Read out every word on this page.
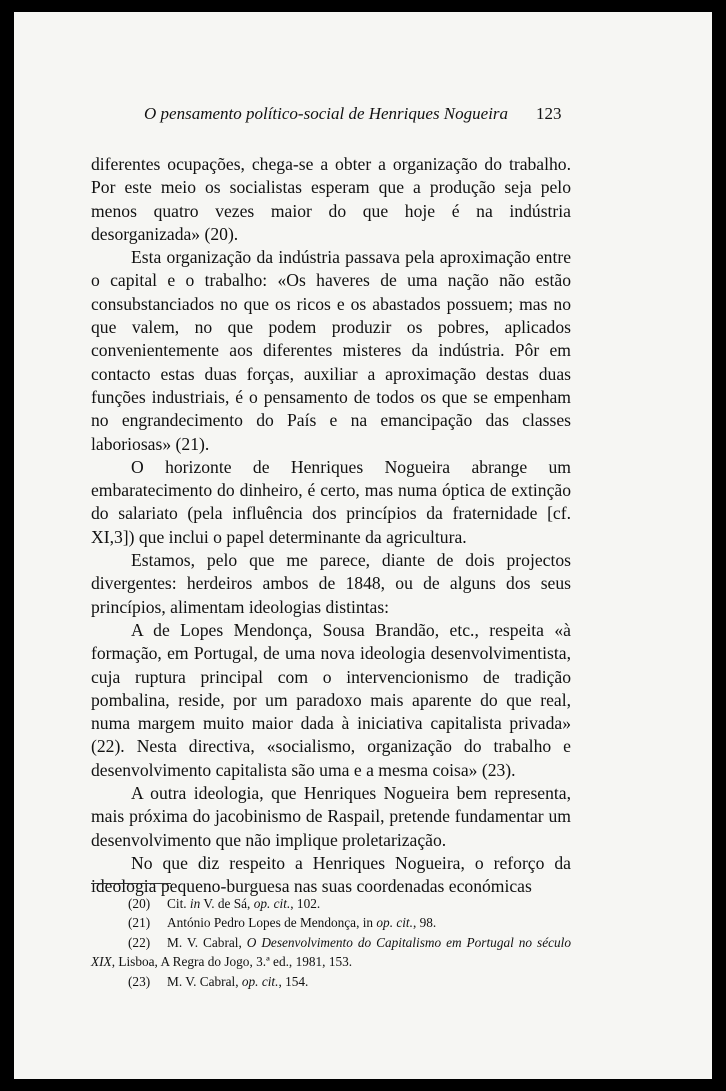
O pensamento político-social de Henriques Nogueira 123

diferentes ocupações, chega-se a obter a organização do trabalho. Por este meio os socialistas esperam que a produção seja pelo menos quatro vezes maior do que hoje é na indústria desorganizada» (20).

Esta organização da indústria passava pela aproximação entre o capital e o trabalho: «Os haveres de uma nação não estão consubstanciados no que os ricos e os abastados possuem; mas no que valem, no que podem produzir os pobres, aplicados convenientemente aos diferentes misteres da indústria. Pôr em contacto estas duas forças, auxiliar a aproximação destas duas funções industriais, é o pensamento de todos os que se empenham no engrandecimento do País e na emancipação das classes laboriosas» (21).

O horizonte de Henriques Nogueira abrange um embaratecimento do dinheiro, é certo, mas numa óptica de extinção do salariato (pela influência dos princípios da fraternidade [cf. XI,3]) que inclui o papel determinante da agricultura.

Estamos, pelo que me parece, diante de dois projectos divergentes: herdeiros ambos de 1848, ou de alguns dos seus princípios, alimentam ideologias distintas:

A de Lopes Mendonça, Sousa Brandão, etc., respeita «à formação, em Portugal, de uma nova ideologia desenvolvimentista, cuja ruptura principal com o intervencionismo de tradição pombalina, reside, por um paradoxo mais aparente do que real, numa margem muito maior dada à iniciativa capitalista privada» (22). Nesta directiva, «socialismo, organização do trabalho e desenvolvimento capitalista são uma e a mesma coisa» (23).

A outra ideologia, que Henriques Nogueira bem representa, mais próxima do jacobinismo de Raspail, pretende fundamentar um desenvolvimento que não implique proletarização.

No que diz respeito a Henriques Nogueira, o reforço da ideologia pequeno-burguesa nas suas coordenadas económicas

(20) Cit. in V. de Sá, op. cit., 102.

(21) António Pedro Lopes de Mendonça, in op. cit., 98.

(22) M. V. Cabral, O Desenvolvimento do Capitalismo em Portugal no século XIX, Lisboa, A Regra do Jogo, 3.ª ed., 1981, 153.

(23) M. V. Cabral, op. cit., 154.
